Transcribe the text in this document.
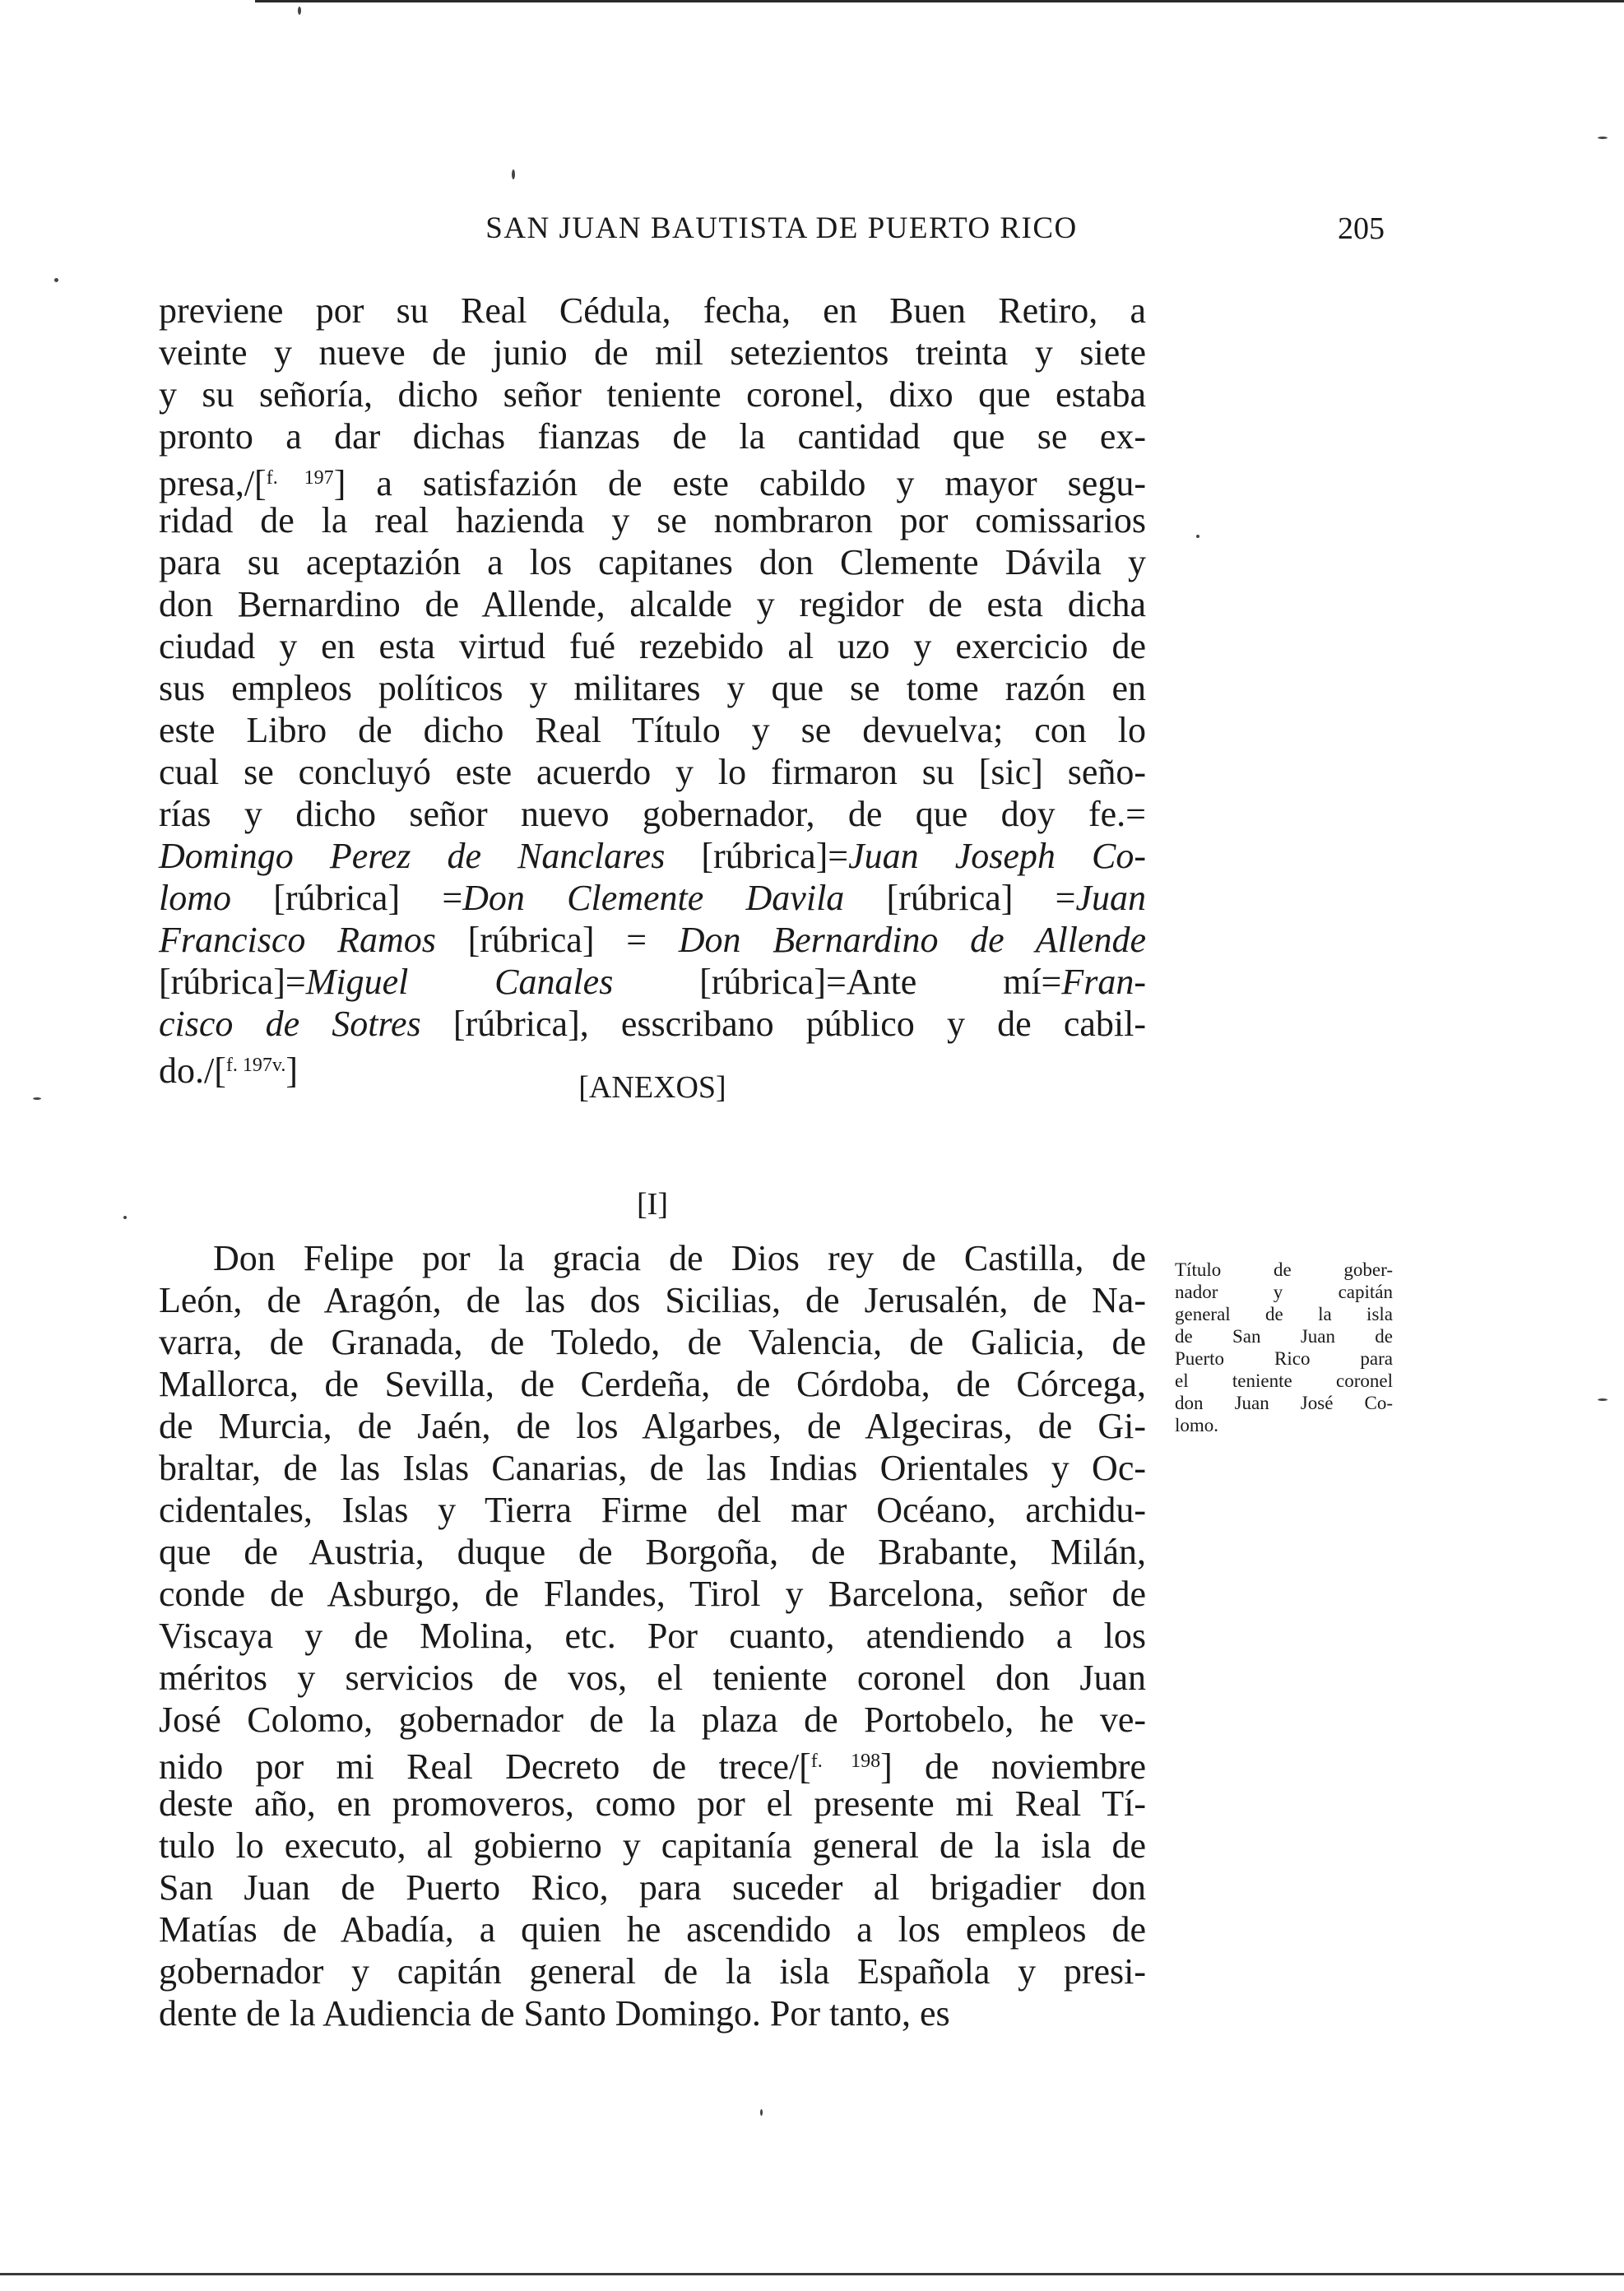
SAN JUAN BAUTISTA DE PUERTO RICO	205
previene por su Real Cédula, fecha, en Buen Retiro, a
veinte y nueve de junio de mil setezientos treinta y siete
y su señoría, dicho señor teniente coronel, dixo que estaba
pronto a dar dichas fianzas de la cantidad que se ex-
presa,/[$^{f. 197}$] a satisfazión de este cabildo y mayor segu-
ridad de la real hazienda y se nombraron por comissarios
para su aceptazión a los capitanes don Clemente Dávila y
don Bernardino de Allende, alcalde y regidor de esta dicha
ciudad y en esta virtud fué rezebido al uzo y exercicio de
sus empleos políticos y militares y que se tome razón en
este Libro de dicho Real Título y se devuelva; con lo
cual se concluyó este acuerdo y lo firmaron su [sic] seño-
rías y dicho señor nuevo gobernador, de que doy fe.=
Domingo Perez de Nanclares [rúbrica]=Juan Joseph Co-
lomo [rúbrica] =Don Clemente Davila [rúbrica] =Juan
Francisco Ramos [rúbrica] = Don Bernardino de Allende
[rúbrica]=Miguel Canales [rúbrica]=Ante mí=Fran-
cisco de Sotres [rúbrica], esscribano público y de cabil-
do./[$^{f. 197v.}$]	[ANEXOS]
[I]
Don Felipe por la gracia de Dios rey de Castilla, de
León, de Aragón, de las dos Sicilias, de Jerusalén, de Na-
varra, de Granada, de Toledo, de Valencia, de Galicia, de
Mallorca, de Sevilla, de Cerdeña, de Córdoba, de Córcega,
de Murcia, de Jaén, de los Algarbes, de Algeciras, de Gi-
braltar, de las Islas Canarias, de las Indias Orientales y Oc-
cidentales, Islas y Tierra Firme del mar Océano, archidu-
que de Austria, duque de Borgoña, de Brabante, Milán,
conde de Asburgo, de Flandes, Tirol y Barcelona, señor de
Viscaya y de Molina, etc. Por cuanto, atendiendo a los
méritos y servicios de vos, el teniente coronel don Juan
José Colomo, gobernador de la plaza de Portobelo, he ve-
nido por mi Real Decreto de trece/[$^{f. 198}$] de noviembre
deste año, en promoveros, como por el presente mi Real Tí-
tulo lo executo, al gobierno y capitanía general de la isla de
San Juan de Puerto Rico, para suceder al brigadier don
Matías de Abadía, a quien he ascendido a los empleos de
gobernador y capitán general de la isla Española y presi-
dente de la Audiencia de Santo Domingo. Por tanto, es
Título de gober-
nador y capitán
general de la isla
de San Juan de
Puerto Rico para
el teniente coronel
don Juan José Co-
lomo.
